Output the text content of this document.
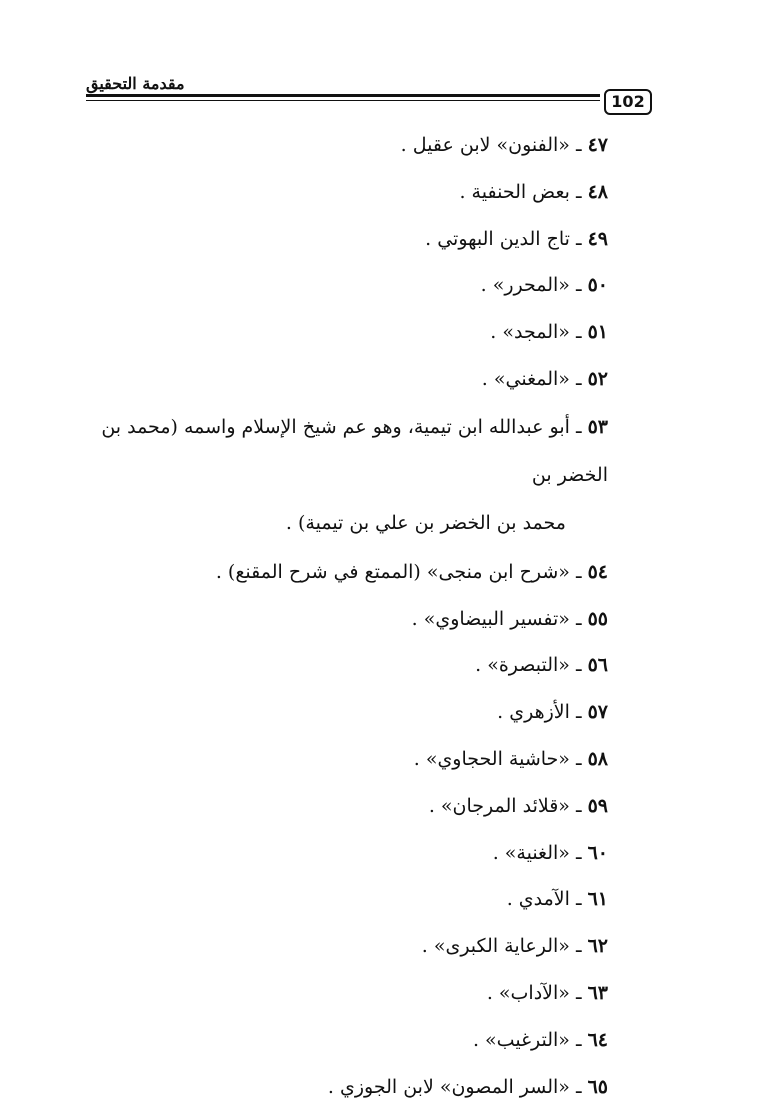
مقدمة التحقيق
102
٤٧ ـ «الفنون» لابن عقيل .
٤٨ ـ بعض الحنفية .
٤٩ ـ تاج الدين البهوتي .
٥٠ ـ «المحرر» .
٥١ ـ «المجد» .
٥٢ ـ «المغني» .
٥٣ ـ أبو عبدالله ابن تيمية، وهو عم شيخ الإسلام واسمه (محمد بن الخضر بن
محمد بن الخضر بن علي بن تيمية) .
٥٤ ـ «شرح ابن منجى» (الممتع في شرح المقنع) .
٥٥ ـ «تفسير البيضاوي» .
٥٦ ـ «التبصرة» .
٥٧ ـ الأزهري .
٥٨ ـ «حاشية الحجاوي» .
٥٩ ـ «قلائد المرجان» .
٦٠ ـ «الغنية» .
٦١ ـ الآمدي .
٦٢ ـ «الرعاية الكبرى» .
٦٣ ـ «الآداب» .
٦٤ ـ «الترغيب» .
٦٥ ـ «السر المصون» لابن الجوزي .
